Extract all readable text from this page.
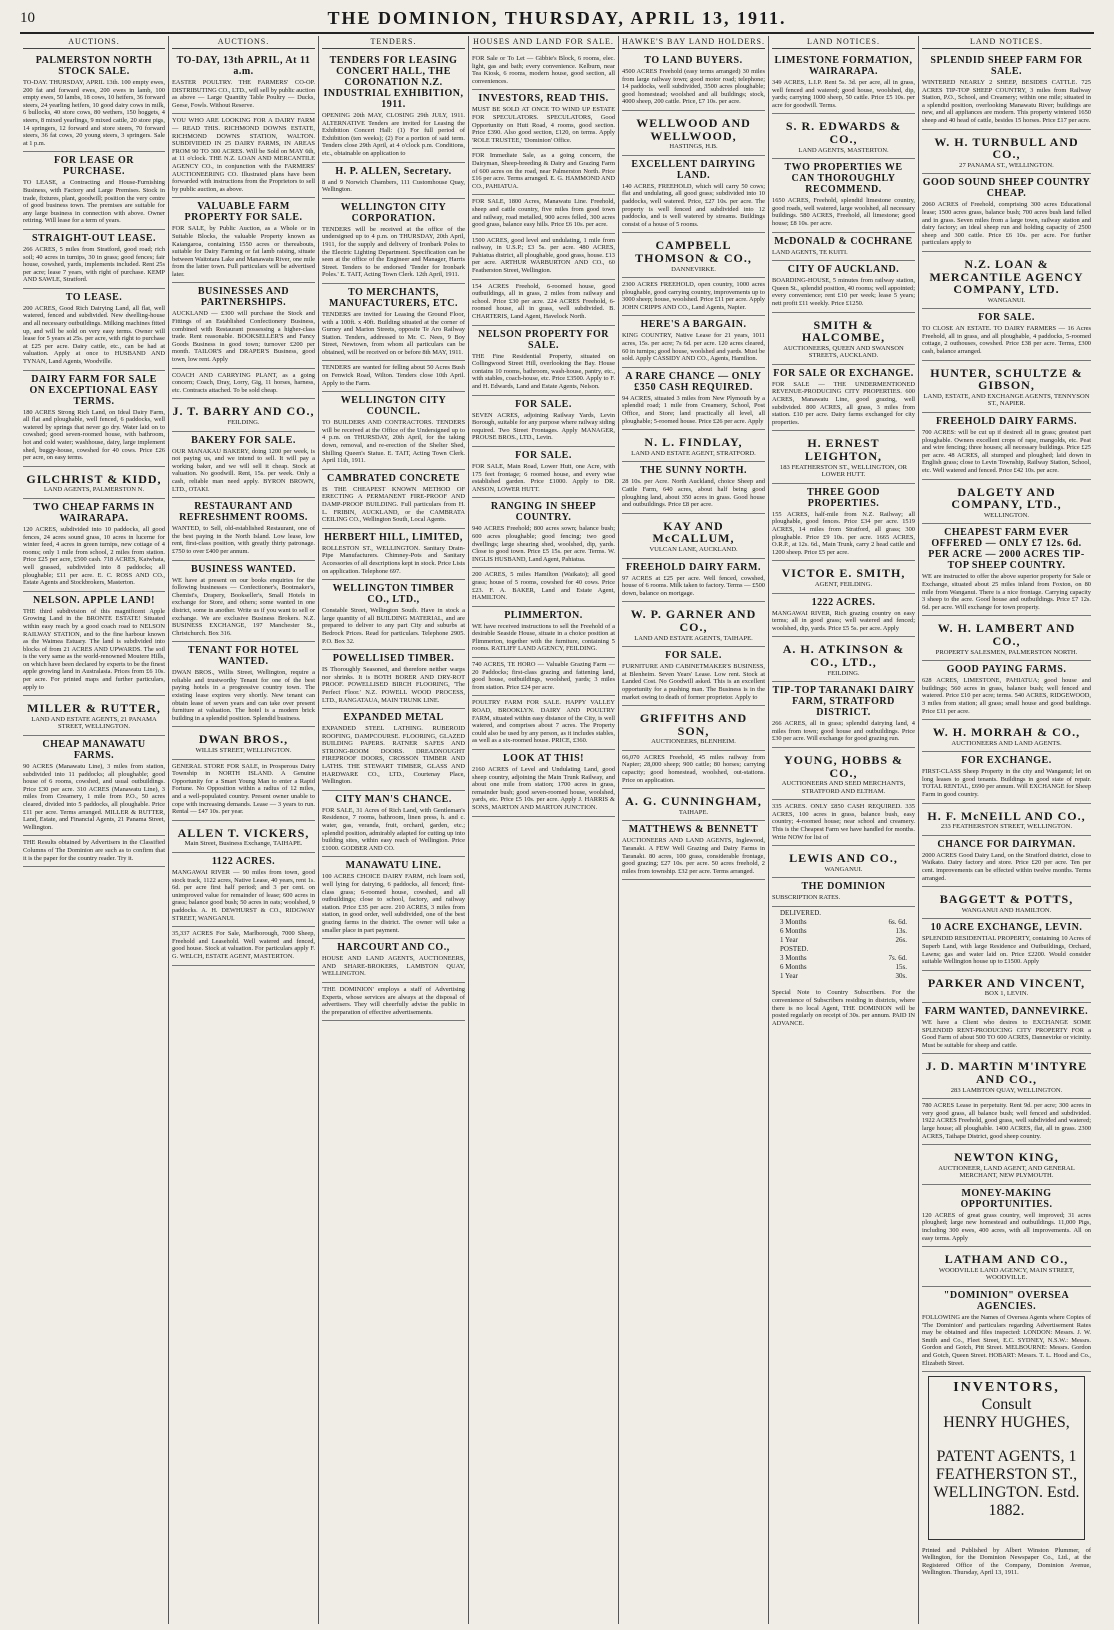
10	THE DOMINION, THURSDAY, APRIL 13, 1911.
AUCTIONS.
PALMERSTON NORTH STOCK SALE.

TO-DAY. THURSDAY, APRIL 13th. 100 empty ewes, 200 fat and forward ewes, 200 ewes in lamb, 100 empty ewes, 50 lambs, 18 cows, 10 heifers, 36 forward steers, 24 yearling heifers, 10 good dairy cows in milk, 6 bullocks, 40 store cows, 80 wethers, 150 hoggets, 4 steers, 8 mixed yearlings, 9 mixed cattle, 20 store pigs, 14 springers, 12 forward and store steers, 70 forward steers, 36 fat cows, 20 young steers, 3 springers. Sale at 1 p.m.

FOR LEASE OR PURCHASE.

TO LEASE, a Contracting and House-Furnishing Business, with Factory and Large Premises. Stock in trade, fixtures, plant, goodwill; position the very centre of good business town. The premises are suitable for any large business in connection with above. Owner retiring. Will lease for a term of years.

STRAIGHT-OUT LEASE.

266 ACRES, 5 miles from Stratford, good road; rich soil; 40 acres in turnips, 30 in grass; good fences; fair house, cowshed, yards, implements included. Rent 25s per acre; lease 7 years, with right of purchase. KEMP AND SAWLE, Stratford.

TO LEASE.

200 ACRES, Good Rich Dairying Land, all flat, well watered, fenced and subdivided. New dwelling-house and all necessary outbuildings. Milking machines fitted up, and will be sold on very easy terms. Owner will lease for 5 years at 25s. per acre, with right to purchase at £25 per acre. Dairy cattle, etc., can be had at valuation. Apply at once to HUSBAND AND TYNAN, Land Agents, Woodville.

DAIRY FARM FOR SALE ON EXCEPTIONAL EASY TERMS.

180 ACRES Strong Rich Land, on Ideal Dairy Farm, all flat and ploughable, well fenced, 6 paddocks, well watered by springs that never go dry. Water laid on to cowshed; good seven-roomed house, with bathroom, hot and cold water; washhouse, dairy, large implement shed, buggy-house, cowshed for 40 cows. Price £26 per acre, on easy terms.

GILCHRIST & KIDD,

LAND AGENTS, PALMERSTON N.

TWO CHEAP FARMS IN WAIRARAPA.

120 ACRES, subdivided into 10 paddocks, all good fences, 24 acres sound grass, 10 acres in lucerne for winter feed, 4 acres in green turnips, new cottage of 4 rooms; only 1 mile from school, 2 miles from station. Price £25 per acre, £500 cash. 718 ACRES, Kaiwhata, well grassed, subdivided into 8 paddocks; all ploughable; £11 per acre. E. C. ROSS AND CO., Estate Agents and Stockbrokers, Masterton.

NELSON. APPLE LAND!

THE third subdivision of this magnificent Apple Growing Land in the BRONTE ESTATE! Situated within easy reach by a good coach road to NELSON RAILWAY STATION, and to the fine harbour known as the Waimea Estuary. The land is subdivided into blocks of from 21 ACRES AND UPWARDS. The soil is the very same as the world-renowned Moutere Hills, on which have been declared by experts to be the finest apple growing land in Australasia. Prices from £6 10s. per acre. For printed maps and further particulars, apply to

MILLER & RUTTER,

LAND AND ESTATE AGENTS, 21 PANAMA STREET, WELLINGTON.

CHEAP MANAWATU FARMS.

90 ACRES (Manawatu Line), 3 miles from station, subdivided into 11 paddocks; all ploughable; good house of 6 rooms, cowshed, and usual outbuildings. Price £30 per acre. 310 ACRES (Manawatu Line), 3 miles from Creamery, 1 mile from P.O., 50 acres cleared, divided into 5 paddocks, all ploughable. Price £11 per acre. Terms arranged. MILLER & RUTTER, Land, Estate, and Financial Agents, 21 Panama Street, Wellington.

THE Results obtained by Advertisers in the Classified Columns of The Dominion are such as to confirm that it is the paper for the country reader. Try it.

AUCTIONS.
TO-DAY, 13th APRIL, At 11 a.m.

EASTER POULTRY. THE FARMERS' CO-OP. DISTRIBUTING CO., LTD., will sell by public auction as above — Large Quantity Table Poultry — Ducks, Geese, Fowls. Without Reserve.

YOU WHO ARE LOOKING FOR A DAIRY FARM — READ THIS. RICHMOND DOWNS ESTATE, RICHMOND DOWNS STATION, WALTON. SUBDIVIDED IN 25 DAIRY FARMS, IN AREAS FROM 90 TO 300 ACRES. Will be Sold on MAY 6th, at 11 o'clock. THE N.Z. LOAN AND MERCANTILE AGENCY CO., in conjunction with the FARMERS' AUCTIONEERING CO. Illustrated plans have been forwarded with instructions from the Proprietors to sell by public auction, as above.

VALUABLE FARM PROPERTY FOR SALE.

FOR SALE, by Public Auction, as a Whole or in Suitable Blocks, the valuable Property known as Kaiangaroa, containing 1550 acres or thereabouts, suitable for Dairy Farming or fat lamb raising, situate between Waitotara Lake and Manawatu River, one mile from the latter town. Full particulars will be advertised later.

BUSINESSES AND PARTNERSHIPS.

AUCKLAND — £300 will purchase the Stock and Fittings of an Established Confectionery Business, combined with Restaurant possessing a higher-class trade. Rent reasonable. BOOKSELLER'S and Fancy Goods Business in good town; turnover £200 per month. TAILOR'S and DRAPER'S Business, good town, low rent. Apply

COACH AND CARRYING PLANT, as a going concern; Coach, Dray, Lorry, Gig, 11 horses, harness, etc. Contracts attached. To be sold cheap.

J. T. BARRY AND CO.,

FEILDING.

BAKERY FOR SALE.

OUR MANAKAU BAKERY, doing 1200 per week, is not paying us, and we intend to sell. It will pay a working baker, and we will sell it cheap. Stock at valuation. No goodwill. Rent, 15s. per week. Only a cash, reliable man need apply. BYRON BROWN, LTD., OTAKI.

RESTAURANT AND REFRESHMENT ROOMS.

WANTED, to Sell, old-established Restaurant, one of the best paying in the North Island. Low lease, low rent, first-class position, with greatly thirty patronage. £750 to over £400 per annum.

BUSINESS WANTED.

WE have at present on our books enquiries for the following businesses — Confectioner's, Bootmaker's, Chemist's, Drapery, Bookseller's, Small Hotels in exchange for Store, and others; some wanted in one district, some in another. Write us if you want to sell or exchange. We are exclusive Business Brokers. N.Z. BUSINESS EXCHANGE, 197 Manchester St., Christchurch. Box 316.

TENANT FOR HOTEL WANTED.

DWAN BROS., Willis Street, Wellington, require a reliable and trustworthy Tenant for one of the best paying hotels in a progressive country town. The existing lease expires very shortly. New tenant can obtain lease of seven years and can take over present furniture at valuation. The hotel is a modern brick building in a splendid position. Splendid business.

DWAN BROS.,

WILLIS STREET, WELLINGTON.

GENERAL STORE FOR SALE, in Prosperous Dairy Township in NORTH ISLAND. A Genuine Opportunity for a Smart Young Man to enter a Rapid Fortune. No Opposition within a radius of 12 miles, and a well-populated country. Present owner unable to cope with increasing demands. Lease — 3 years to run. Rental — £47 10s. per year.

ALLEN T. VICKERS,

Main Street, Business Exchange, TAIHAPE.

1122 ACRES.

MANGAWAI RIVER — 90 miles from town, good stock track, 1122 acres, Native Lease, 40 years, rent 1s. 6d. per acre first half period; and 3 per cent. on unimproved value for remainder of lease; 600 acres in grass; balance good bush; 50 acres in oats; woolshed, 9 paddocks. A. H. DEWHURST & CO., RIDGWAY STREET, WANGANUI.

35,337 ACRES For Sale, Marlborough, 7000 Sheep, Freehold and Leasehold. Well watered and fenced, good house. Stock at valuation. For particulars apply F. G. WELCH, ESTATE AGENT, MASTERTON.

TENDERS.
TENDERS FOR LEASING CONCERT HALL, THE CORONATION N.Z. INDUSTRIAL EXHIBITION, 1911.

OPENING 20th MAY, CLOSING 29th JULY, 1911. ALTERNATIVE Tenders are invited for Leasing the Exhibition Concert Hall: (1) For full period of Exhibition (ten weeks); (2) For a portion of said term. Tenders close 29th April, at 4 o'clock p.m. Conditions, etc., obtainable on application to

H. P. ALLEN, Secretary.

8 and 9 Norwich Chambers, 111 Customhouse Quay, Wellington.

WELLINGTON CITY CORPORATION.

TENDERS will be received at the office of the undersigned up to 4 p.m. on THURSDAY, 20th April, 1911, for the supply and delivery of Ironbark Poles to the Electric Lighting Department. Specification can be seen at the office of the Engineer and Manager, Harris Street. Tenders to be endorsed 'Tender for Ironbark Poles.' E. TAIT, Acting Town Clerk. 12th April, 1911.

TO MERCHANTS, MANUFACTURERS, ETC.

TENDERS are invited for Leasing the Ground Floor, with a 100ft. x 40ft. Building situated at the corner of Gurney and Marion Streets, opposite Te Aro Railway Station. Tenders, addressed to Mr. C. Nees, 9 Boy Street, Newtown, from whom all particulars can be obtained, will be received on or before 8th MAY, 1911.

TENDERS are wanted for felling about 50 Acres Bush on Fenwick Road, Wilton. Tenders close 10th April. Apply to the Farm.

WELLINGTON CITY COUNCIL.

TO BUILDERS AND CONTRACTORS. TENDERS will be received at the Office of the Undersigned up to 4 p.m. on THURSDAY, 20th April, for the taking down, removal, and re-erection of the Shelter Shed, Shilling Queen's Statue. E. TAIT, Acting Town Clerk. April 11th, 1911.

CAMBRATED CONCRETE

IS THE CHEAPEST KNOWN METHOD OF ERECTING A PERMANENT FIRE-PROOF AND DAMP-PROOF BUILDING. Full particulars from H. L. FRIBIN, AUCKLAND, or the CAMBRATA CEILING CO., Wellington South, Local Agents.

HERBERT HILL, LIMITED,

ROLLESTON ST., WELLINGTON. Sanitary Drain-Pipe Manufacturers. Chimney-Pots and Sanitary Accessories of all descriptions kept in stock. Price Lists on application. Telephone 697.

WELLINGTON TIMBER CO., LTD.,

Constable Street, Wellington South. Have in stock a large quantity of all BUILDING MATERIAL, and are prepared to deliver to any part City and suburbs at Bedrock Prices. Read for particulars. Telephone 2905. P.O. Box 32.

POWELLISED TIMBER.

IS Thoroughly Seasoned, and therefore neither warps nor shrinks. It is BOTH BORER AND DRY-ROT PROOF. POWELLISED BIRCH FLOORING, 'The Perfect Floor.' N.Z. POWELL WOOD PROCESS, LTD., RANGATAUA, MAIN TRUNK LINE.

EXPANDED METAL

EXPANDED STEEL LATHING. RUBEROID ROOFING, DAMPCOURSE. FLOORING, GLAZED BUILDING PAPERS. RATNER SAFES AND STRONG-ROOM DOORS. DREADNOUGHT FIREPROOF DOORS, CROSSON TIMBER AND LATHS. THE STEWART TIMBER, GLASS AND HARDWARE CO., LTD., Courtenay Place, Wellington.

CITY MAN'S CHANCE.

FOR SALE, 31 Acres of Rich Land, with Gentleman's Residence, 7 rooms, bathroom, linen press, h. and c. water, gas, veranda, fruit, orchard, garden, etc.; splendid position, admirably adapted for cutting up into building sites, within easy reach of Wellington. Price £1000. GODBER AND CO.

MANAWATU LINE.

100 ACRES CHOICE DAIRY FARM, rich loam soil, well lying for dairying, 6 paddocks, all fenced; first-class grass; 6-roomed house, cowshed, and all outbuildings; close to school, factory, and railway station. Price £35 per acre. 210 ACRES, 3 miles from station, in good order, well subdivided, one of the best grazing farms in the district. The owner will take a smaller place in part payment.

HARCOURT AND CO.,

HOUSE AND LAND AGENTS, AUCTIONEERS, AND SHARE-BROKERS, LAMBTON QUAY, WELLINGTON.

'THE DOMINION' employs a staff of Advertising Experts, whose services are always at the disposal of advertisers. They will cheerfully advise the public in the preparation of effective advertisements.

HOUSES AND LAND FOR SALE.

FOR Sale or To Let — Gibbie's Block, 6 rooms, elec. light, gas and bath; every convenience. Kelburn, near Tea Kiosk, 6 rooms, modern house, good section, all conveniences.

INVESTORS, READ THIS.

MUST BE SOLD AT ONCE TO WIND UP ESTATE FOR SPECULATORS. SPECULATORS, Good Opportunity on Hutt Road, 4 rooms, good section. Price £390. Also good section, £120, on terms. Apply 'ROLE TRUSTEE,' 'Dominion' Office.

FOR Immediate Sale, as a going concern, the Dairyman, Sheep-breeding & Dairy and Grazing Farm of 600 acres on the road, near Palmerston North. Price £16 per acre. Terms arranged. E. G. HAMMOND AND CO., PAHIATUA.

FOR SALE, 1800 Acres, Manawatu Line. Freehold, sheep and cattle country, five miles from good town and railway, road metalled, 900 acres felled, 300 acres good grass, balance easy hills. Price £6 10s. per acre.

1500 ACRES, good level and undulating, 1 mile from railway, in U.S.P.; £3 5s. per acre. 480 ACRES, Pahiatua district, all ploughable, good grass, house. £13 per acre. ARTHUR WARBURTON AND CO., 60 Featherston Street, Wellington.

154 ACRES Freehold, 6-roomed house, good outbuildings, all in grass, 2 miles from railway and school. Price £30 per acre. 224 ACRES Freehold, 6-roomed house, all in grass, well subdivided. B. CHARTERIS, Land Agent, Havelock North.

NELSON PROPERTY FOR SALE.

THE Fine Residential Property, situated on Collingwood Street Hill, overlooking the Bay. House contains 10 rooms, bathroom, wash-house, pantry, etc., with stables, coach-house, etc. Price £3500. Apply to F. and H. Edwards, Land and Estate Agents, Nelson.

FOR SALE.

SEVEN ACRES, adjoining Railway Yards, Levin Borough, suitable for any purpose where railway siding required. Two Street Frontages. Apply MANAGER, PROUSE BROS., LTD., Levin.

FOR SALE.

FOR SALE, Main Road, Lower Hutt, one Acre, with 175 feet frontage; 6 roomed house, and every wise established garden. Price £1000. Apply to DR. ANSON, LOWER HUTT.

RANGING IN SHEEP COUNTRY.

940 ACRES Freehold; 800 acres sown; balance bush; 600 acres ploughable; good fencing; two good dwellings; large shearing shed, woolshed, dip, yards. Close to good town. Price £5 15s. per acre. Terms. W. INGLIS HUSBAND, Land Agent, Pahiatua.

200 ACRES, 5 miles Hamilton (Waikato); all good grass; house of 5 rooms, cowshed for 40 cows. Price £23. F. A. BAKER, Land and Estate Agent, HAMILTON.

PLIMMERTON.

WE have received instructions to sell the Freehold of a desirable Seaside House, situate in a choice position at Plimmerton, together with the furniture, containing 5 rooms. RATLIFF LAND AGENCY, FEILDING.

740 ACRES, TE HORO — Valuable Grazing Farm — 20 Paddocks; first-class grazing and fattening land, good house, outbuildings, woolshed, yards; 3 miles from station. Price £24 per acre.

POULTRY FARM FOR SALE. HAPPY VALLEY ROAD, BROOKLYN. DAIRY AND POULTRY FARM, situated within easy distance of the City, is well watered, and comprises about 7 acres. The Property could also be used by any person, as it includes stables, as well as a six-roomed house. PRICE, £360.

LOOK AT THIS!

2160 ACRES of Level and Undulating Land, good sheep country, adjoining the Main Trunk Railway, and about one mile from station; 1700 acres in grass, remainder bush; good seven-roomed house, woolshed, yards, etc. Price £5 10s. per acre. Apply J. HARRIS & SONS, MARTON AND MARTON JUNCTION.

HAWKE'S BAY LAND HOLDERS.
TO LAND BUYERS.

4500 ACRES Freehold (easy terms arranged) 30 miles from large railway town; good motor road; telephone; 14 paddocks, well subdivided, 3500 acres ploughable; good homestead; woolshed and all buildings; stock, 4000 sheep, 200 cattle. Price, £7 10s. per acre.

WELLWOOD AND WELLWOOD,

HASTINGS, H.B.

EXCELLENT DAIRYING LAND.

140 ACRES, FREEHOLD, which will carry 50 cows; flat and undulating, all good grass; subdivided into 10 paddocks, well watered. Price, £27 10s. per acre. The property is well fenced and subdivided into 12 paddocks, and is well watered by streams. Buildings consist of a house of 5 rooms.

CAMPBELL THOMSON & CO.,

DANNEVIRKE.

2300 ACRES FREEHOLD, open country, 1000 acres ploughable, good carrying country, improvements up to 3000 sheep; house, woolshed. Price £11 per acre. Apply JOHN CRIPPS AND CO., Land Agents, Napier.

HERE'S A BARGAIN.

KING COUNTRY, Native Lease for 21 years, 1011 acres, 15s. per acre; 7s 6d. per acre. 120 acres cleared, 60 in turnips; good house, woolshed and yards. Must be sold. Apply CASSIDY AND CO., Agents, Hamilton.

A RARE CHANCE — ONLY £350 CASH REQUIRED.

94 ACRES, situated 3 miles from New Plymouth by a splendid road; 1 mile from Creamery, School, Post Office, and Store; land practically all level, all ploughable; 5-roomed house. Price £26 per acre. Apply

N. L. FINDLAY,

LAND AND ESTATE AGENT, STRATFORD.

THE SUNNY NORTH.

28 10s. per Acre. North Auckland, choice Sheep and Cattle Farm, 640 acres, about half being good ploughing land, about 350 acres in grass. Good house and outbuildings. Price £8 per acre.

KAY AND McCALLUM,

VULCAN LANE, AUCKLAND.

FREEHOLD DAIRY FARM.

97 ACRES at £25 per acre. Well fenced, cowshed, house of 6 rooms. Milk taken to factory. Terms — £500 down, balance on mortgage.

W. P. GARNER AND CO.,

LAND AND ESTATE AGENTS, TAIHAPE.

FOR SALE.

FURNITURE AND CABINETMAKER'S BUSINESS, at Blenheim. Seven Years' Lease. Low rent. Stock at Landed Cost. No Goodwill asked. This is an excellent opportunity for a pushing man. The Business is in the market owing to death of former proprietor. Apply to

GRIFFITHS AND SON,

AUCTIONEERS, BLENHEIM.

66,070 ACRES Freehold, 45 miles railway from Napier; 28,000 sheep; 900 cattle; 80 horses; carrying capacity; good homestead, woolshed, out-stations. Price on application.

A. G. CUNNINGHAM,

TAIHAPE.

MATTHEWS & BENNETT

AUCTIONEERS AND LAND AGENTS, Inglewood, Taranaki. A FEW Well Grazing and Dairy Farms in Taranaki. 80 acres, 100 grass, considerable frontage, good grazing; £27 10s. per acre. 50 acres freehold, 2 miles from township. £32 per acre. Terms arranged.

LAND NOTICES.
LIMESTONE FORMATION, WAIRARAPA.

349 ACRES, L.I.P. Rent 5s. 3d. per acre, all in grass, well fenced and watered; good house, woolshed, dip, yards; carrying 1000 sheep, 50 cattle. Price £5 10s. per acre for goodwill. Terms.

S. R. EDWARDS & CO.,

LAND AGENTS, MASTERTON.

TWO PROPERTIES WE CAN THOROUGHLY RECOMMEND.

1650 ACRES, Freehold, splendid limestone country, good roads, well watered, large woolshed, all necessary buildings. 580 ACRES, Freehold, all limestone; good house; £8 10s. per acre.

McDONALD & COCHRANE

LAND AGENTS, TE KUITI.

CITY OF AUCKLAND.

BOARDING-HOUSE, 5 minutes from railway station, Queen St., splendid position, 40 rooms; well appointed; every convenience; rent £10 per week; lease 5 years; nett profit £11 weekly. Price £1250.

SMITH & HALCOMBE,

AUCTIONEERS, QUEEN AND SWANSON STREETS, AUCKLAND.

FOR SALE OR EXCHANGE.

FOR SALE — THE UNDERMENTIONED REVENUE-PRODUCING CITY PROPERTIES. 600 ACRES, Manawatu Line, good grazing, well subdivided. 800 ACRES, all grass, 3 miles from station. £10 per acre. Dairy farms exchanged for city properties.

H. ERNEST LEIGHTON,

183 FEATHERSTON ST., WELLINGTON, OR LOWER HUTT.

THREE GOOD PROPERTIES.

155 ACRES, half-mile from N.Z. Railway; all ploughable, good fences. Price £34 per acre. 1519 ACRES, 14 miles from Stratford, all grass; 300 ploughable. Price £9 10s. per acre. 1665 ACRES, O.R.P., at 12s. 6d., Main Trunk, carry 2 head cattle and 1200 sheep. Price £5 per acre.

VICTOR E. SMITH,

AGENT, FEILDING.

1222 ACRES.

MANGAWAI RIVER, Rich grazing country on easy terms; all in good grass; well watered and fenced; woolshed, dip, yards. Price £5 5s. per acre. Apply

A. H. ATKINSON & CO., LTD.,

FEILDING.

TIP-TOP TARANAKI DAIRY FARM, STRATFORD DISTRICT.

266 ACRES, all in grass; splendid dairying land, 4 miles from town; good house and outbuildings. Price £30 per acre. Will exchange for good grazing run.

YOUNG, HOBBS & CO.,

AUCTIONEERS AND SEED MERCHANTS, STRATFORD AND ELTHAM.

335 ACRES. ONLY £850 CASH REQUIRED. 335 ACRES, 100 acres in grass, balance bush, easy country; 4-roomed house; near school and creamery. This is the Cheapest Farm we have handled for months. Write NOW for list of

LEWIS AND CO.,

WANGANUI.

THE DOMINION

SUBSCRIPTION RATES.

DELIVERED.
3 Months	6s. 6d.
6 Months	13s.
1 Year	26s.
POSTED.
3 Months	7s. 6d.
6 Months	15s.
1 Year	30s.

Special Note to Country Subscribers. For the convenience of Subscribers residing in districts, where there is no local Agent, THE DOMINION will be posted regularly on receipt of 30s. per annum. PAID IN ADVANCE.

LAND NOTICES.
SPLENDID SHEEP FARM FOR SALE.

WINTERED NEARLY 2 SHEEP, BESIDES CATTLE. 725 ACRES TIP-TOP SHEEP COUNTRY, 3 miles from Railway Station, P.O., School, and Creamery; within one mile; situated in a splendid position, overlooking Manawatu River; buildings are new, and all appliances are modern. This property wintered 1650 sheep and 40 head of cattle, besides 15 horses. Price £17 per acre.

W. H. TURNBULL AND CO.,

27 PANAMA ST., WELLINGTON.

GOOD SOUND SHEEP COUNTRY CHEAP.

2060 ACRES of Freehold, comprising 300 acres Educational lease; 1500 acres grass, balance bush; 700 acres bush land felled and in grass. Seven miles from a large town, railway station and dairy factory; an ideal sheep run and holding capacity of 2500 sheep and 300 cattle. Price £6 10s. per acre. For further particulars apply to

N.Z. LOAN & MERCANTILE AGENCY COMPANY, LTD.

WANGANUI.

FOR SALE.

TO CLOSE AN ESTATE. TO DAIRY FARMERS — 16 Acres Freehold, all in grass, and all ploughable, 4 paddocks, 5-roomed cottage, 2 outhouses, cowshed. Price £38 per acre. Terms, £300 cash, balance arranged.

HUNTER, SCHULTZE & GIBSON,

LAND, ESTATE, AND EXCHANGE AGENTS, TENNYSON ST., NAPIER.

FREEHOLD DAIRY FARMS.

700 ACRES: will be cut up if desired: all in grass; greatest part ploughable. Owners excellent crops of rape, mangolds, etc. Peat and wire fencing; three houses; all necessary buildings. Price £25 per acre. 48 ACRES, all stumped and ploughed; laid down in English grass; close to Levin Township, Railway Station, School, etc. Well watered and fenced. Price £42 10s. per acre.

DALGETY AND COMPANY, LTD.,

WELLINGTON.

CHEAPEST FARM EVER OFFERED — ONLY £7 12s. 6d. PER ACRE — 2000 ACRES TIP-TOP SHEEP COUNTRY.

WE are instructed to offer the above superior property for Sale or Exchange, situated about 25 miles inland from Foxton, on 80 mile from Wanganui. There is a nice frontage. Carrying capacity 3 sheep to the acre. Good house and outbuildings. Price £7 12s. 6d. per acre. Will exchange for town property.

W. H. LAMBERT AND CO.,

PROPERTY SALESMEN, PALMERSTON NORTH.

GOOD PAYING FARMS.

628 ACRES, LIMESTONE, PAHIATUA; good house and buildings; 560 acres in grass, balance bush; well fenced and watered. Price £10 per acre; terms. 540 ACRES, RIDGEWOOD, 3 miles from station; all grass; small house and good buildings. Price £11 per acre.

W. H. MORRAH & CO.,

AUCTIONEERS AND LAND AGENTS.

FOR EXCHANGE.

FIRST-CLASS Sheep Property in the city and Wanganui; let on long leases to good tenants. Buildings in good state of repair. TOTAL RENTAL, £690 per annum. Will EXCHANGE for Sheep Farm in good country.

H. F. McNEILL AND CO.,

233 FEATHERSTON STREET, WELLINGTON.

CHANCE FOR DAIRYMAN.

2000 ACRES Good Dairy Land, on the Stratford district, close to Waikato. Dairy factory and store. Price £20 per acre. Ten per cent. improvements can be effected within twelve months. Terms arranged.

BAGGETT & POTTS,

WANGANUI AND HAMILTON.

10 ACRE EXCHANGE, LEVIN.

SPLENDID RESIDENTIAL PROPERTY, containing 10 Acres of Superb Land, with large Residence and Outbuildings, Orchard, Lawns; gas and water laid on. Price £2200. Would consider suitable Wellington house up to £1500. Apply

PARKER AND VINCENT,

BOX 1, LEVIN.

FARM WANTED, DANNEVIRKE.

WE have a Client who desires to EXCHANGE SOME SPLENDID RENT-PRODUCING CITY PROPERTY FOR a Good Farm of about 500 TO 600 ACRES, Dannevirke or vicinity. Must be suitable for sheep and cattle.

J. D. MARTIN M'INTYRE AND CO.,

283 LAMBTON QUAY, WELLINGTON.

780 ACRES Lease in perpetuity. Rent 9d. per acre; 300 acres in very good grass, all balance bush; well fenced and subdivided. 1922 ACRES Freehold, good grass, well subdivided and watered; large house; all ploughable. 1400 ACRES, flat, all in grass. 2300 ACRES, Taihape District, good sheep country.

NEWTON KING,

AUCTIONEER, LAND AGENT, AND GENERAL MERCHANT, NEW PLYMOUTH.

MONEY-MAKING OPPORTUNITIES.

120 ACRES of great grass country, well improved; 31 acres ploughed; large new homestead and outbuildings. 11,000 Pigs, including 300 ewes, 400 acres, with all improvements. All on easy terms. Apply

LATHAM AND CO.,

WOODVILLE LAND AGENCY, MAIN STREET, WOODVILLE.

"DOMINION" OVERSEA AGENCIES.

FOLLOWING are the Names of Oversea Agents where Copies of 'The Dominion' and particulars regarding Advertisement Rates may be obtained and files inspected: LONDON: Messrs. J. W. Smith and Co., Fleet Street, E.C. SYDNEY, N.S.W.: Messrs. Gordon and Gotch, Pitt Street. MELBOURNE: Messrs. Gordon and Gotch, Queen Street. HOBART: Messrs. T. L. Hood and Co., Elizabeth Street.

INVENTORS,
Consult
HENRY HUGHES,

PATENT AGENTS, 1 FEATHERSTON ST., WELLINGTON. Estd. 1882.

Printed and Published by Albert Winston Plummer, of Wellington, for the Dominion Newspaper Co., Ltd., at the Registered Office of the Company, Dominion Avenue, Wellington. Thursday, April 13, 1911.
